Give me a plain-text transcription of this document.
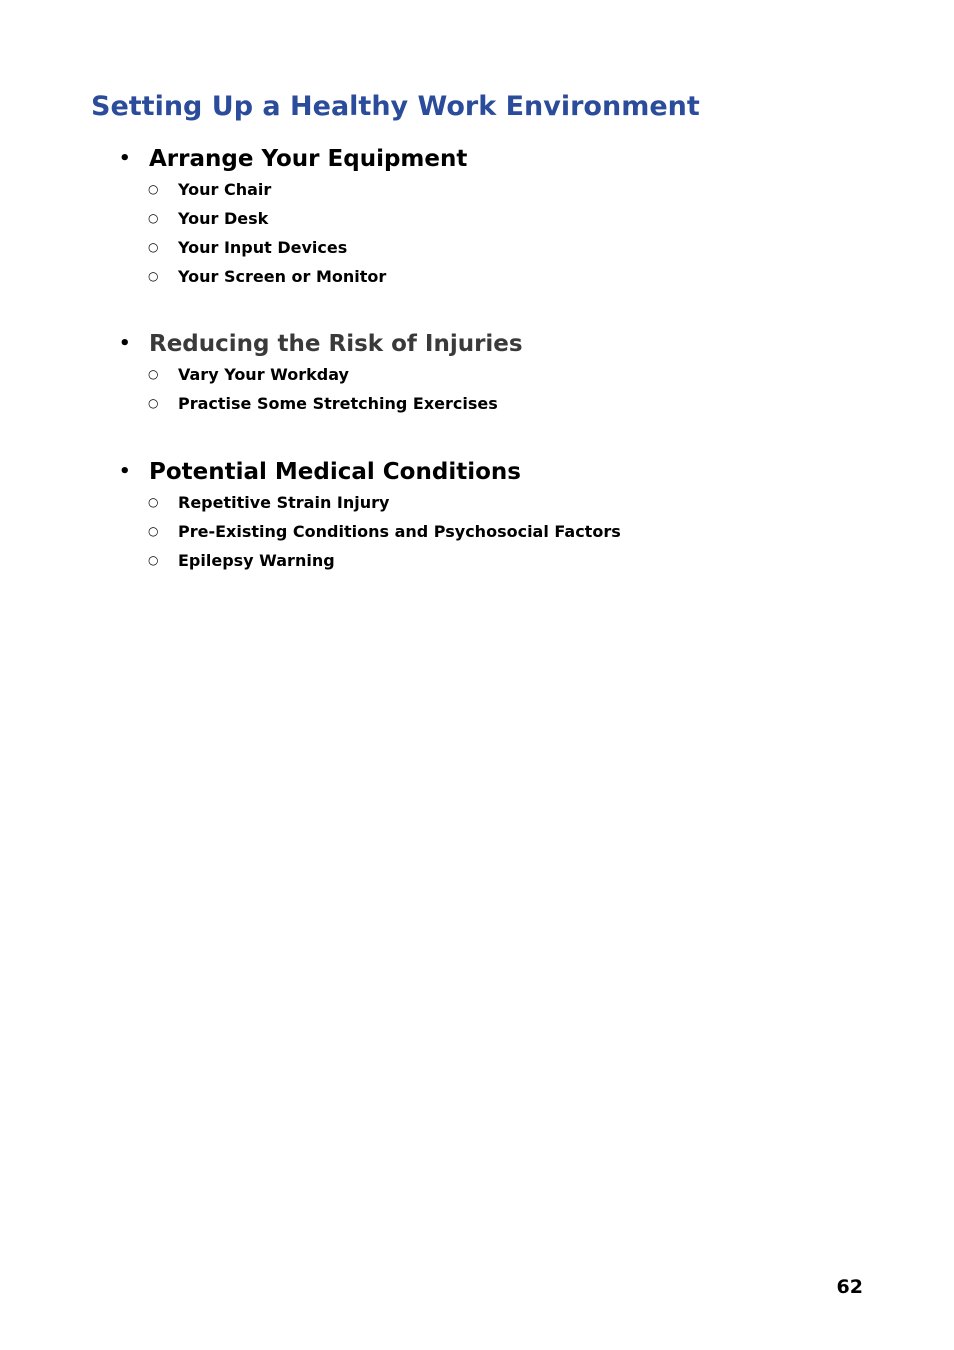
Setting Up a Healthy Work Environment
• Arrange Your Equipment
○ Your Chair
○ Your Desk
○ Your Input Devices
○ Your Screen or Monitor
• Reducing the Risk of Injuries
○ Vary Your Workday
○ Practise Some Stretching Exercises
• Potential Medical Conditions
○ Repetitive Strain Injury
○ Pre-Existing Conditions and Psychosocial Factors
○ Epilepsy Warning
62
